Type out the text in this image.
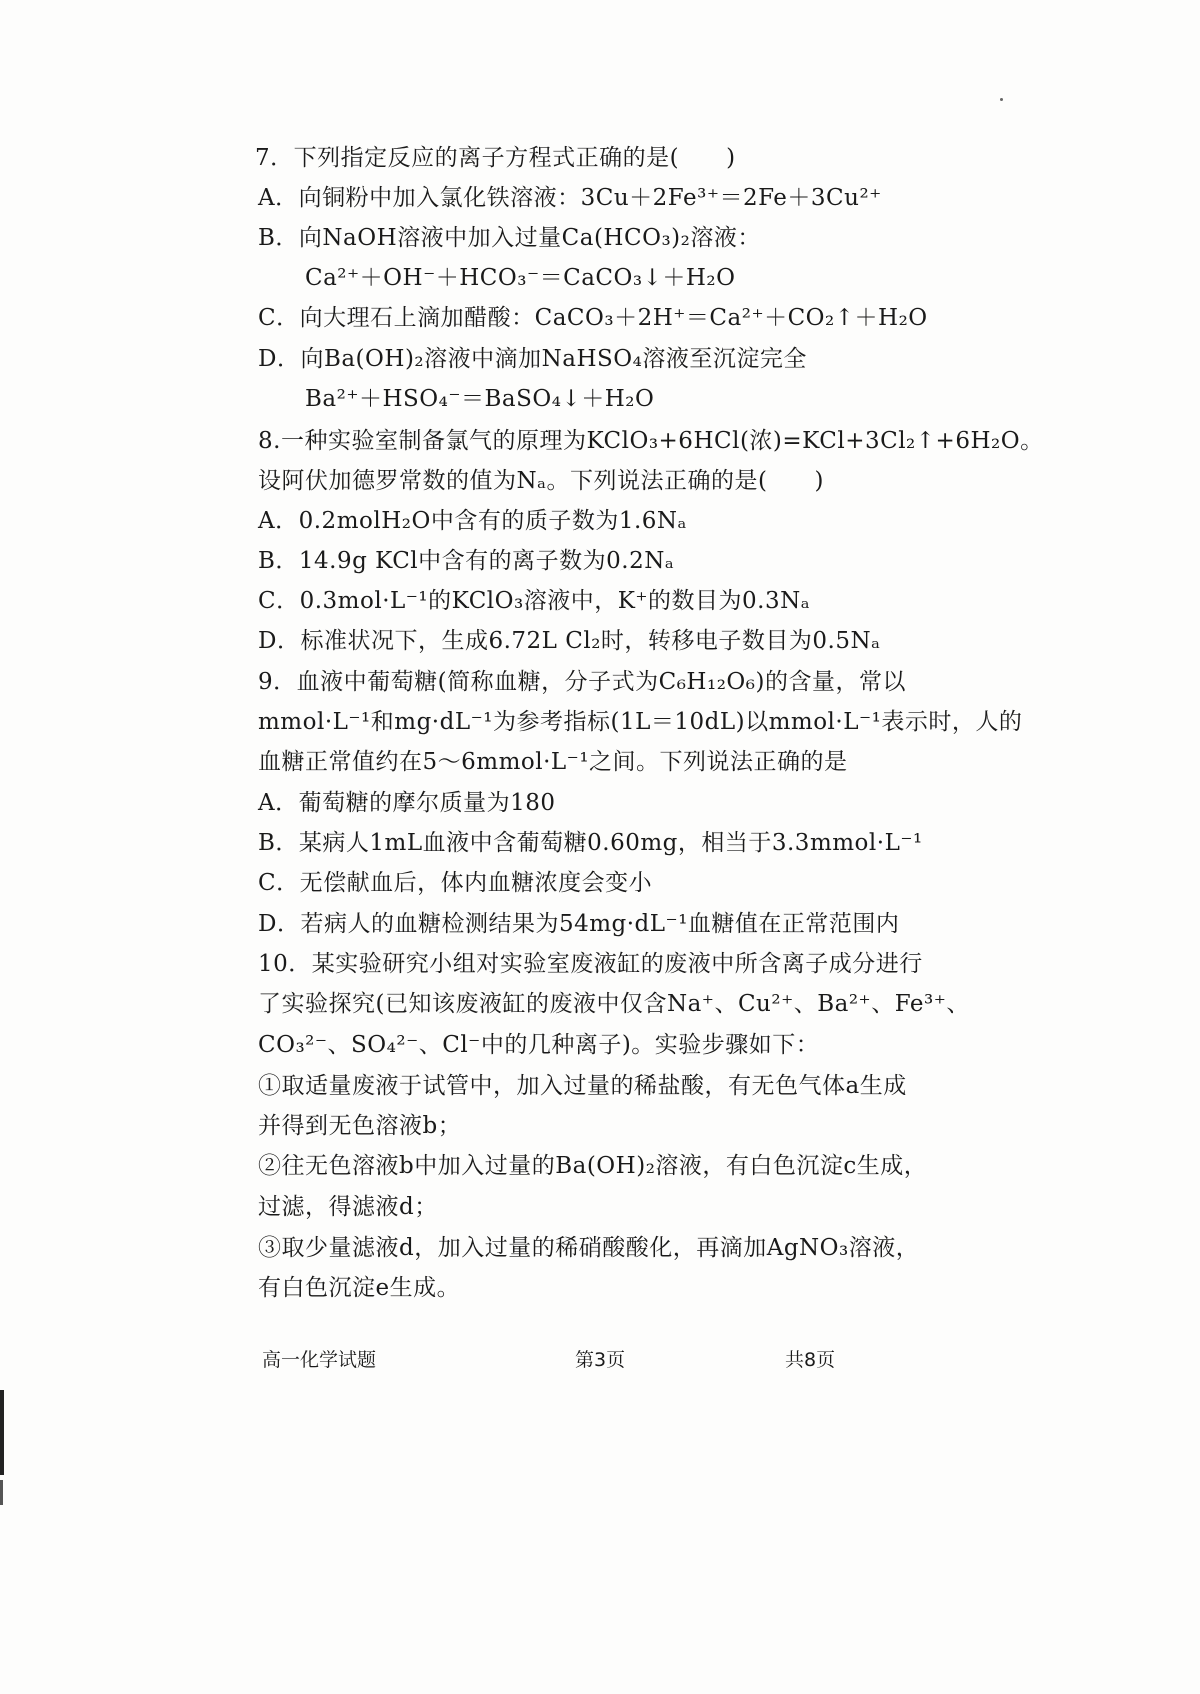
7．下列指定反应的离子方程式正确的是(　　)
A．向铜粉中加入氯化铁溶液：3Cu＋2Fe³⁺＝2Fe＋3Cu²⁺
B．向NaOH溶液中加入过量Ca(HCO₃)₂溶液：
Ca²⁺＋OH⁻＋HCO₃⁻＝CaCO₃↓＋H₂O
C．向大理石上滴加醋酸：CaCO₃＋2H⁺＝Ca²⁺＋CO₂↑＋H₂O
D．向Ba(OH)₂溶液中滴加NaHSO₄溶液至沉淀完全
Ba²⁺＋HSO₄⁻＝BaSO₄↓＋H₂O
8.一种实验室制备氯气的原理为KClO₃+6HCl(浓)=KCl+3Cl₂↑+6H₂O。
设阿伏加德罗常数的值为Nₐ。下列说法正确的是(　　)
A．0.2molH₂O中含有的质子数为1.6Nₐ
B．14.9g KCl中含有的离子数为0.2Nₐ
C．0.3mol·L⁻¹的KClO₃溶液中，K⁺的数目为0.3Nₐ
D．标准状况下，生成6.72L Cl₂时，转移电子数目为0.5Nₐ
9．血液中葡萄糖(简称血糖，分子式为C₆H₁₂O₆)的含量，常以
mmol·L⁻¹和mg·dL⁻¹为参考指标(1L＝10dL)以mmol·L⁻¹表示时，人的
血糖正常值约在5～6mmol·L⁻¹之间。下列说法正确的是
A．葡萄糖的摩尔质量为180
B．某病人1mL血液中含葡萄糖0.60mg，相当于3.3mmol·L⁻¹
C．无偿献血后，体内血糖浓度会变小
D．若病人的血糖检测结果为54mg·dL⁻¹血糖值在正常范围内
10．某实验研究小组对实验室废液缸的废液中所含离子成分进行
了实验探究(已知该废液缸的废液中仅含Na⁺、Cu²⁺、Ba²⁺、Fe³⁺、
CO₃²⁻、SO₄²⁻、Cl⁻中的几种离子)。实验步骤如下：
①取适量废液于试管中，加入过量的稀盐酸，有无色气体a生成
并得到无色溶液b；
②往无色溶液b中加入过量的Ba(OH)₂溶液，有白色沉淀c生成，
过滤，得滤液d；
③取少量滤液d，加入过量的稀硝酸酸化，再滴加AgNO₃溶液，
有白色沉淀e生成。
高一化学试题	第3页	共8页
